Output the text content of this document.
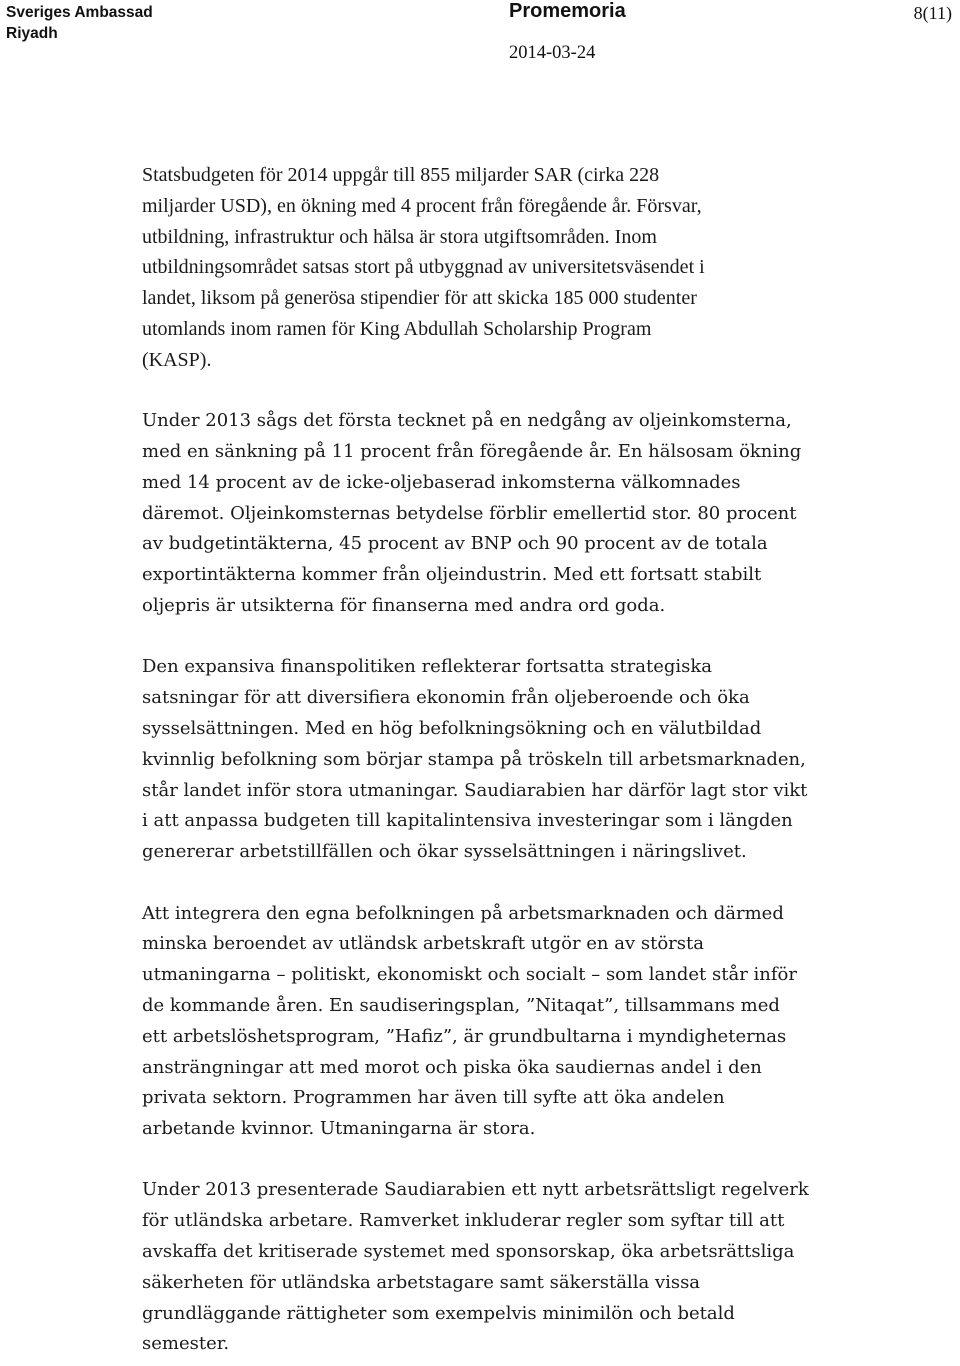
Sveriges Ambassad
Riyadh
Promemoria	8(11)
2014-03-24

Statsbudgeten för 2014 uppgår till 855 miljarder SAR (cirka 228
miljarder USD), en ökning med 4 procent från föregående år. Försvar,
utbildning, infrastruktur och hälsa är stora utgiftsområden. Inom
utbildningsområdet satsas stort på utbyggnad av universitetsväsendet i
landet, liksom på generösa stipendier för att skicka 185 000 studenter
utomlands inom ramen för King Abdullah Scholarship Program
(KASP).

Under 2013 sågs det första tecknet på en nedgång av oljeinkomsterna,
med en sänkning på 11 procent från föregående år. En hälsosam ökning
med 14 procent av de icke-oljebaserad inkomsterna välkomnades
däremot. Oljeinkomsternas betydelse förblir emellertid stor. 80 procent
av budgetintäkterna, 45 procent av BNP och 90 procent av de totala
exportintäkterna kommer från oljeindustrin. Med ett fortsatt stabilt
oljepris är utsikterna för finanserna med andra ord goda.

Den expansiva finanspolitiken reflekterar fortsatta strategiska
satsningar för att diversifiera ekonomin från oljeberoende och öka
sysselsättningen. Med en hög befolkningsökning och en välutbildad
kvinnlig befolkning som börjar stampa på tröskeln till arbetsmarknaden,
står landet inför stora utmaningar. Saudiarabien har därför lagt stor vikt
i att anpassa budgeten till kapitalintensiva investeringar som i längden
genererar arbetstillfällen och ökar sysselsättningen i näringslivet.

Att integrera den egna befolkningen på arbetsmarknaden och därmed
minska beroendet av utländsk arbetskraft utgör en av största
utmaningarna – politiskt, ekonomiskt och socialt – som landet står inför
de kommande åren. En saudiseringsplan, ”Nitaqat”, tillsammans med
ett arbetslöshetsprogram, ”Hafiz”, är grundbultarna i myndigheternas
ansträngningar att med morot och piska öka saudiernas andel i den
privata sektorn. Programmen har även till syfte att öka andelen
arbetande kvinnor. Utmaningarna är stora.

Under 2013 presenterade Saudiarabien ett nytt arbetsrättsligt regelverk
för utländska arbetare. Ramverket inkluderar regler som syftar till att
avskaffa det kritiserade systemet med sponsorskap, öka arbetsrättsliga
säkerheten för utländska arbetstagare samt säkerställa vissa
grundläggande rättigheter som exempelvis minimilön och betald
semester.
